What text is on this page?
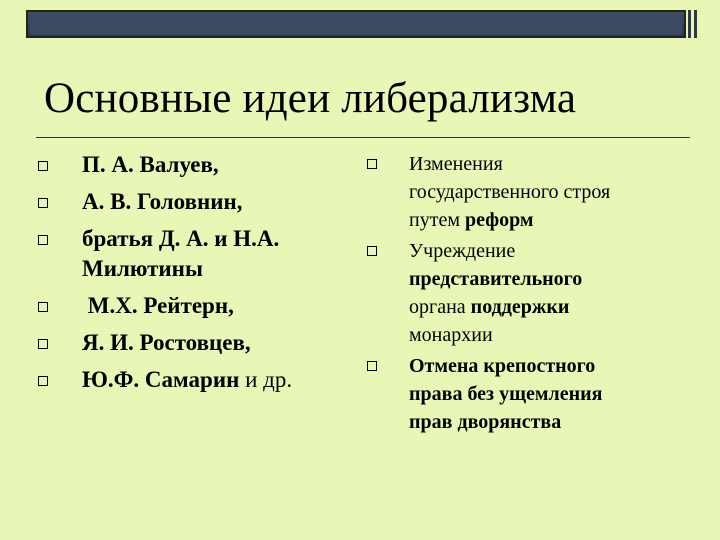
Основные идеи либерализма
П. А. Валуев,
А. В. Головнин,
братья Д. А. и Н.А.
Милютины
М.Х. Рейтерн,
Я. И. Ростовцев,
Ю.Ф. Самарин и др.
Изменения
государственного строя
путем реформ
Учреждение
представительного
органа поддержки
монархии
Отмена крепостного
права без ущемления
прав дворянства
